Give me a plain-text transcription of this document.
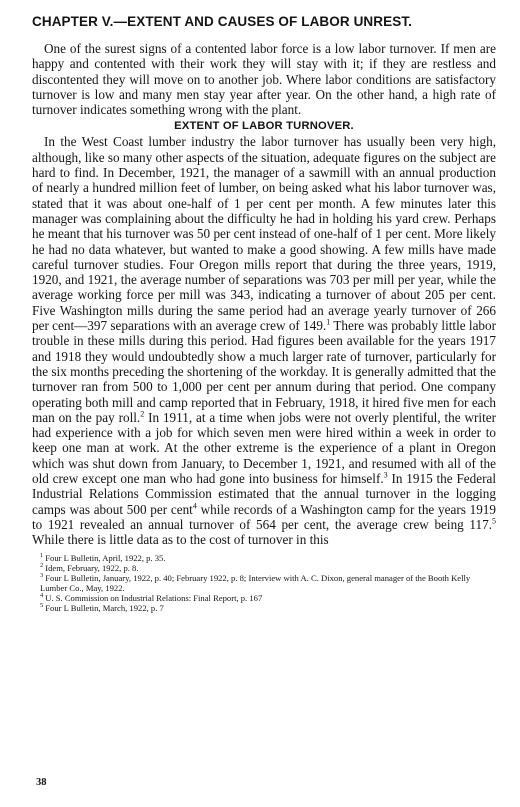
CHAPTER V.—EXTENT AND CAUSES OF LABOR UNREST.

One of the surest signs of a contented labor force is a low labor turnover. If men are happy and contented with their work they will stay with it; if they are restless and discontented they will move on to another job. Where labor conditions are satisfactory turnover is low and many men stay year after year. On the other hand, a high rate of turnover indicates something wrong with the plant.

EXTENT OF LABOR TURNOVER.

In the West Coast lumber industry the labor turnover has usually been very high, although, like so many other aspects of the situation, adequate figures on the subject are hard to find. In December, 1921, the manager of a sawmill with an annual production of nearly a hundred million feet of lumber, on being asked what his labor turnover was, stated that it was about one-half of 1 per cent per month. A few minutes later this manager was complaining about the difficulty he had in holding his yard crew. Perhaps he meant that his turnover was 50 per cent instead of one-half of 1 per cent. More likely he had no data whatever, but wanted to make a good showing. A few mills have made careful turnover studies. Four Oregon mills report that during the three years, 1919, 1920, and 1921, the average number of separations was 703 per mill per year, while the average working force per mill was 343, indicating a turnover of about 205 per cent. Five Washington mills during the same period had an average yearly turnover of 266 per cent—397 separations with an average crew of 149.$^1$ There was probably little labor trouble in these mills during this period. Had figures been available for the years 1917 and 1918 they would undoubtedly show a much larger rate of turnover, particularly for the six months preceding the shortening of the workday. It is generally admitted that the turnover ran from 500 to 1,000 per cent per annum during that period. One company operating both mill and camp reported that in February, 1918, it hired five men for each man on the pay roll.$^2$ In 1911, at a time when jobs were not overly plentiful, the writer had experience with a job for which seven men were hired within a week in order to keep one man at work. At the other extreme is the experience of a plant in Oregon which was shut down from January, to December 1, 1921, and resumed with all of the old crew except one man who had gone into business for himself.$^3$ In 1915 the Federal Industrial Relations Commission estimated that the annual turnover in the logging camps was about 500 per cent$^4$ while records of a Washington camp for the years 1919 to 1921 revealed an annual turnover of 564 per cent, the average crew being 117.$^5$ While there is little data as to the cost of turnover in this

$^1$ Four L Bulletin, April, 1922, p. 35.

$^2$ Idem, February, 1922, p. 8.

$^3$ Four L Bulletin, January, 1922, p. 40; February 1922, p. 8; Interview with A. C. Dixon, general manager of the Booth Kelly Lumber Co., May, 1922.

$^4$ U. S. Commission on Industrial Relations: Final Report, p. 167

$^5$ Four L Bulletin, March, 1922, p. 7

38
